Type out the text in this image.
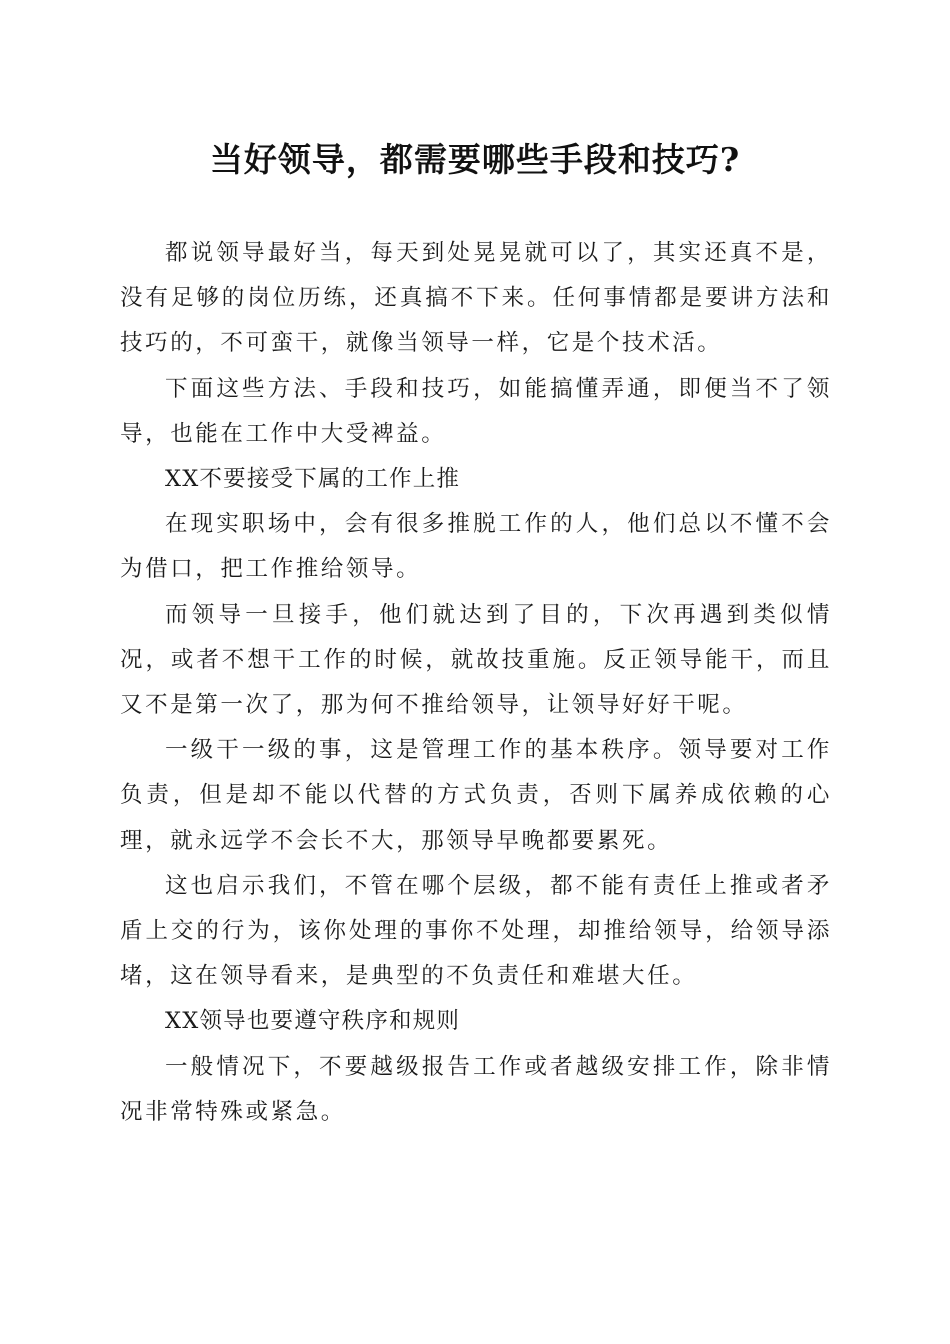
当好领导，都需要哪些手段和技巧?

都说领导最好当，每天到处晃晃就可以了，其实还真不是，没有足够的岗位历练，还真搞不下来。任何事情都是要讲方法和技巧的，不可蛮干，就像当领导一样，它是个技术活。

下面这些方法、手段和技巧，如能搞懂弄通，即便当不了领导，也能在工作中大受裨益。

XX不要接受下属的工作上推

在现实职场中，会有很多推脱工作的人，他们总以不懂不会为借口，把工作推给领导。

而领导一旦接手，他们就达到了目的，下次再遇到类似情况，或者不想干工作的时候，就故技重施。反正领导能干，而且又不是第一次了，那为何不推给领导，让领导好好干呢。

一级干一级的事，这是管理工作的基本秩序。领导要对工作负责，但是却不能以代替的方式负责，否则下属养成依赖的心理，就永远学不会长不大，那领导早晚都要累死。

这也启示我们，不管在哪个层级，都不能有责任上推或者矛盾上交的行为，该你处理的事你不处理，却推给领导，给领导添堵，这在领导看来，是典型的不负责任和难堪大任。

XX领导也要遵守秩序和规则

一般情况下，不要越级报告工作或者越级安排工作，除非情况非常特殊或紧急。
